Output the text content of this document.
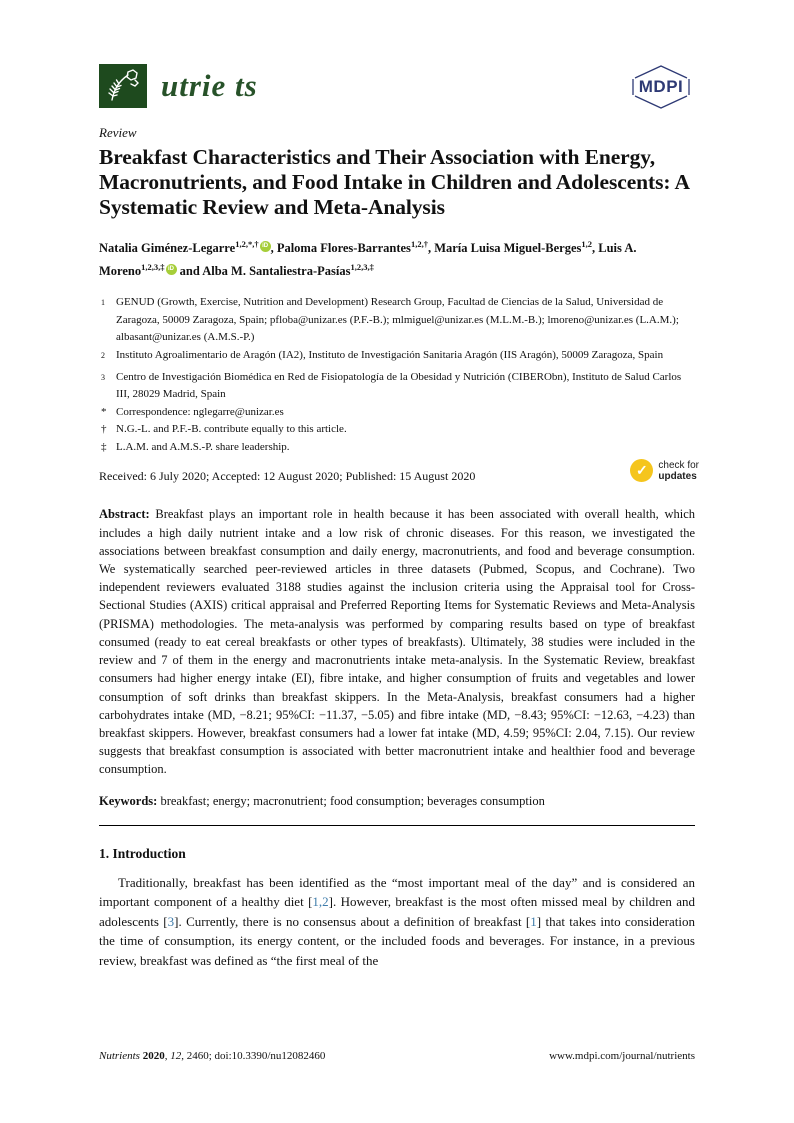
utrie ts	MDPI
Review
Breakfast Characteristics and Their Association with Energy, Macronutrients, and Food Intake in Children and Adolescents: A Systematic Review and Meta-Analysis
Natalia Giménez-Legarre$^{1,2,*,\dagger}$ iD , Paloma Flores-Barrantes$^{1,2,\dagger}$, María Luisa Miguel-Berges$^{1,2}$, Luis A. Moreno$^{1,2,3,\ddagger}$ iD and Alba M. Santaliestra-Pasías$^{1,2,3,\ddagger}$
$^1$	GENUD (Growth, Exercise, Nutrition and Development) Research Group, Facultad de Ciencias de la Salud, Universidad de Zaragoza, 50009 Zaragoza, Spain; pfloba@unizar.es (P.F.-B.); mlmiguel@unizar.es (M.L.M.-B.); lmoreno@unizar.es (L.A.M.); albasant@unizar.es (A.M.S.-P.)
$^2$	Instituto Agroalimentario de Aragón (IA2), Instituto de Investigación Sanitaria Aragón (IIS Aragón), 50009 Zaragoza, Spain
$^3$	Centro de Investigación Biomédica en Red de Fisiopatología de la Obesidad y Nutrición (CIBERObn), Instituto de Salud Carlos III, 28029 Madrid, Spain
* Correspondence: nglegarre@unizar.es
† N.G.-L. and P.F.-B. contribute equally to this article.
‡ L.A.M. and A.M.S.-P. share leadership.
Received: 6 July 2020; Accepted: 12 August 2020; Published: 15 August 2020	✓	check for
updates

Abstract: Breakfast plays an important role in health because it has been associated with overall health, which includes a high daily nutrient intake and a low risk of chronic diseases. For this reason, we investigated the associations between breakfast consumption and daily energy, macronutrients, and food and beverage consumption. We systematically searched peer-reviewed articles in three datasets (Pubmed, Scopus, and Cochrane). Two independent reviewers evaluated 3188 studies against the inclusion criteria using the Appraisal tool for Cross-Sectional Studies (AXIS) critical appraisal and Preferred Reporting Items for Systematic Reviews and Meta-Analysis (PRISMA) methodologies. The meta-analysis was performed by comparing results based on type of breakfast consumed (ready to eat cereal breakfasts or other types of breakfasts). Ultimately, 38 studies were included in the review and 7 of them in the energy and macronutrients intake meta-analysis. In the Systematic Review, breakfast consumers had higher energy intake (EI), fibre intake, and higher consumption of fruits and vegetables and lower consumption of soft drinks than breakfast skippers. In the Meta-Analysis, breakfast consumers had a higher carbohydrates intake (MD, −8.21; 95%CI: −11.37, −5.05) and fibre intake (MD, −8.43; 95%CI: −12.63, −4.23) than breakfast skippers. However, breakfast consumers had a lower fat intake (MD, 4.59; 95%CI: 2.04, 7.15). Our review suggests that breakfast consumption is associated with better macronutrient intake and healthier food and beverage consumption.

Keywords: breakfast; energy; macronutrient; food consumption; beverages consumption

1. Introduction

Traditionally, breakfast has been identified as the “most important meal of the day” and is considered an important component of a healthy diet [1,2]. However, breakfast is the most often missed meal by children and adolescents [3]. Currently, there is no consensus about a definition of breakfast [1] that takes into consideration the time of consumption, its energy content, or the included foods and beverages. For instance, in a previous review, breakfast was defined as “the first meal of the

Nutrients 2020, 12, 2460; doi:10.3390/nu12082460	www.mdpi.com/journal/nutrients
